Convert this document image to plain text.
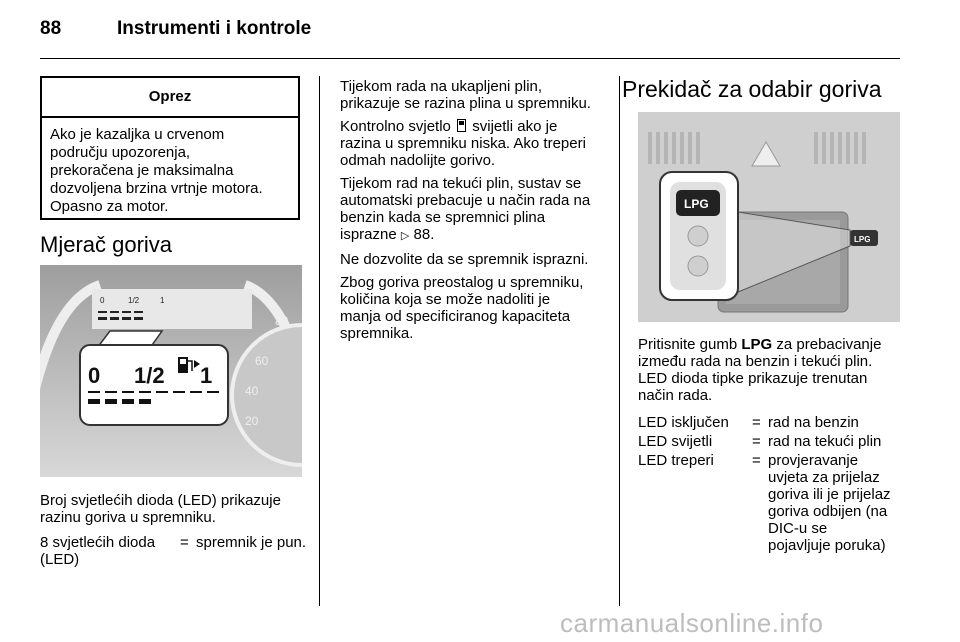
88	Instrumenti i kontrole
Oprez
Ako je kazaljka u crvenom
području upozorenja,
prekoračena je maksimalna
dozvoljena brzina vrtnje motora.
Opasno za motor.
Mjerač goriva
80
60
40
20
0	1/2	1
0 1/2 1
Broj svjetlećih dioda (LED) prikazuje
razinu goriva u spremniku.
8 svjetlećih dioda
(LED)
= spremnik je pun.

Tijekom rada na ukapljeni plin,
prikazuje se razina plina u spremniku.

Kontrolno svjetlo  svijetli ako je
razina u spremniku niska. Ako treperi
odmah nadolijte gorivo.

Tijekom rad na tekući plin, sustav se
automatski prebacuje u način rada na
benzin kada se spremnici plina
isprazne ▷ 88.

Ne dozvolite da se spremnik isprazni.

Zbog goriva preostalog u spremniku,
količina koja se može nadoliti je
manja od specificiranog kapaciteta
spremnika.

Prekidač za odabir goriva
LPG
LPG
Pritisnite gumb LPG za prebacivanje
između rada na benzin i tekući plin.
LED dioda tipke prikazuje trenutan
način rada.
LED isključen = rad na benzin
LED svijetli	= rad na tekući plin
LED treperi	= provjeravanje
uvjeta za prijelaz
goriva ili je prijelaz
goriva odbijen (na
DIC-u se
pojavljuje poruka)
carmanualsonline.info
